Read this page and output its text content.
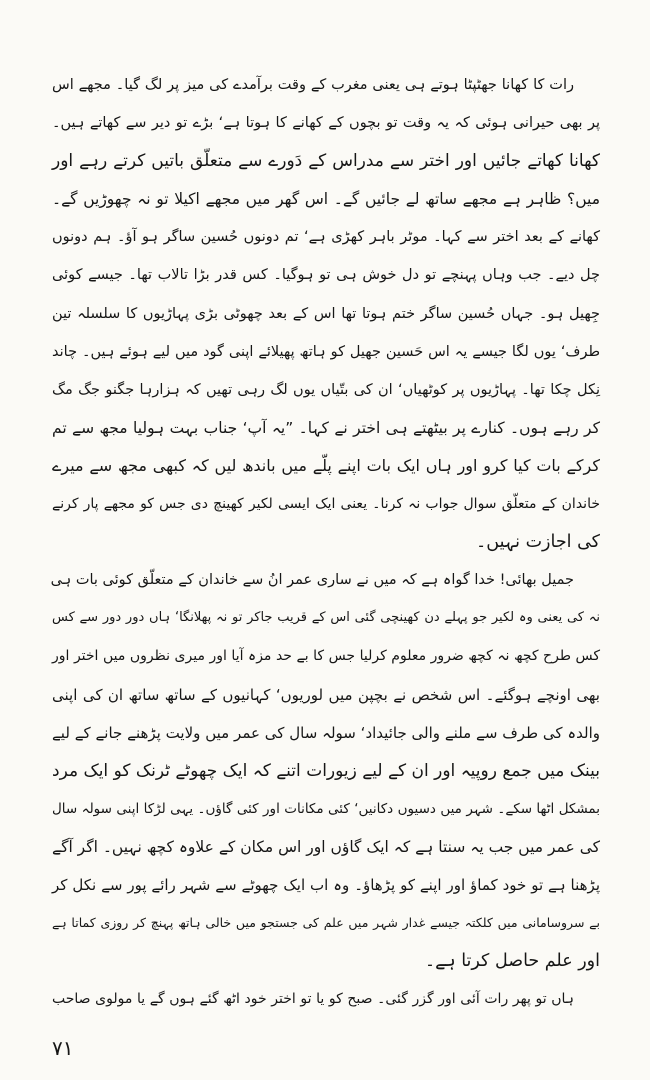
رات کا کھانا جھٹپٹا ہوتے ہی یعنی مغرب کے وقت برآمدے کی میز پر لگ گیا۔ مجھے اس
پر بھی حیرانی ہوئی کہ یہ وقت تو بچوں کے کھانے کا ہوتا ہے‘ بڑے تو دیر سے کھاتے ہیں۔
کھانا کھاتے جائیں اور اختر سے مدراس کے دَورے سے متعلّق باتیں کرتے رہے اور
میں؟ ظاہر ہے مجھے ساتھ لے جائیں گے۔ اس گھر میں مجھے اکیلا تو نہ چھوڑیں گے۔
کھانے کے بعد اختر سے کہا۔ موٹر باہر کھڑی ہے‘ تم دونوں حُسین ساگر ہو آؤ۔ ہم دونوں
چل دیے۔ جب وہاں پہنچے تو دل خوش ہی تو ہوگیا۔ کس قدر بڑا تالاب تھا۔ جیسے کوئی
جِھیل ہو۔ جہاں حُسین ساگر ختم ہوتا تھا اس کے بعد چھوٹی بڑی پہاڑیوں کا سلسلہ تین
طرف‘ یوں لگا جیسے یہ اس حَسین جھیل کو ہاتھ پھیلائے اپنی گود میں لیے ہوئے ہیں۔ چاند
نِکل چکا تھا۔ پہاڑیوں پر کوٹھیاں‘ ان کی بتّیاں یوں لگ رہی تھیں کہ ہزارہا جگنو جگ مگ
کر رہے ہوں۔ کنارے پر بیٹھتے ہی اختر نے کہا۔ ”یہ آپ‘ جناب بہت ہولیا مجھ سے تم
کرکے بات کیا کرو اور ہاں ایک بات اپنے پلّے میں باندھ لیں کہ کبھی مجھ سے میرے
خاندان کے متعلّق سوال جواب نہ کرنا۔ یعنی ایک ایسی لکیر کھینچ دی جس کو مجھے پار کرنے
کی اجازت نہیں۔
جمیل بھائی! خدا گواہ ہے کہ میں نے ساری عمر انُ سے خاندان کے متعلّق کوئی بات ہی
نہ کی یعنی وہ لکیر جو پہلے دن کھینچی گئی اس کے قریب جاکر تو نہ پھلانگا‘ ہاں دور دور سے کس
کس طرح کچھ نہ کچھ ضرور معلوم کرلیا جس کا بے حد مزہ آیا اور میری نظروں میں اختر اور
بھی اونچے ہوگئے۔ اس شخص نے بچپن میں لوریوں‘ کہانیوں کے ساتھ ساتھ ان کی اپنی
والدہ کی طرف سے ملنے والی جائیداد‘ سولہ سال کی عمر میں ولایت پڑھنے جانے کے لیے
بینک میں جمع روپیہ اور ان کے لیے زیورات اتنے کہ ایک چھوٹے ٹرنک کو ایک مرد
بمشکل اٹھا سکے۔ شہر میں دسیوں دکانیں‘ کئی مکانات اور کئی گاؤں۔ یہی لڑکا اپنی سولہ سال
کی عمر میں جب یہ سنتا ہے کہ ایک گاؤں اور اس مکان کے علاوہ کچھ نہیں۔ اگر آگے
پڑھنا ہے تو خود کماؤ اور اپنے کو پڑھاؤ۔ وہ اب ایک چھوٹے سے شہر رائے پور سے نکل کر
بے سروسامانی میں کلکتہ جیسے غدار شہر میں علم کی جستجو میں خالی ہاتھ پہنچ کر روزی کماتا ہے
اور علم حاصل کرتا ہے۔
ہاں تو پھر رات آئی اور گزر گئی۔ صبح کو یا تو اختر خود اٹھ گئے ہوں گے یا مولوی صاحب
۷۱
